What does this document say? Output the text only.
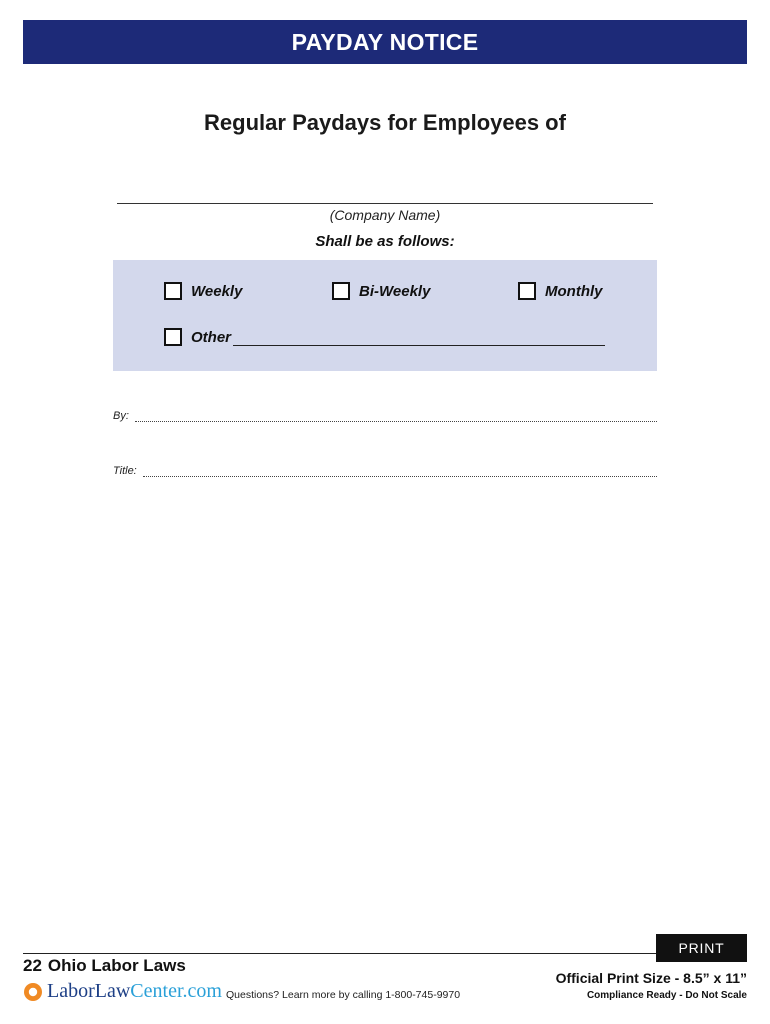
PAYDAY NOTICE
Regular Paydays for Employees of
(Company Name)
Shall be as follows:
Weekly	Bi-Weekly	Monthly
Other
By:
Title:
PRINT
22 Ohio Labor Laws
LaborLawCenter.com Questions? Learn more by calling 1-800-745-9970
Official Print Size - 8.5” x 11”
Compliance Ready - Do Not Scale
